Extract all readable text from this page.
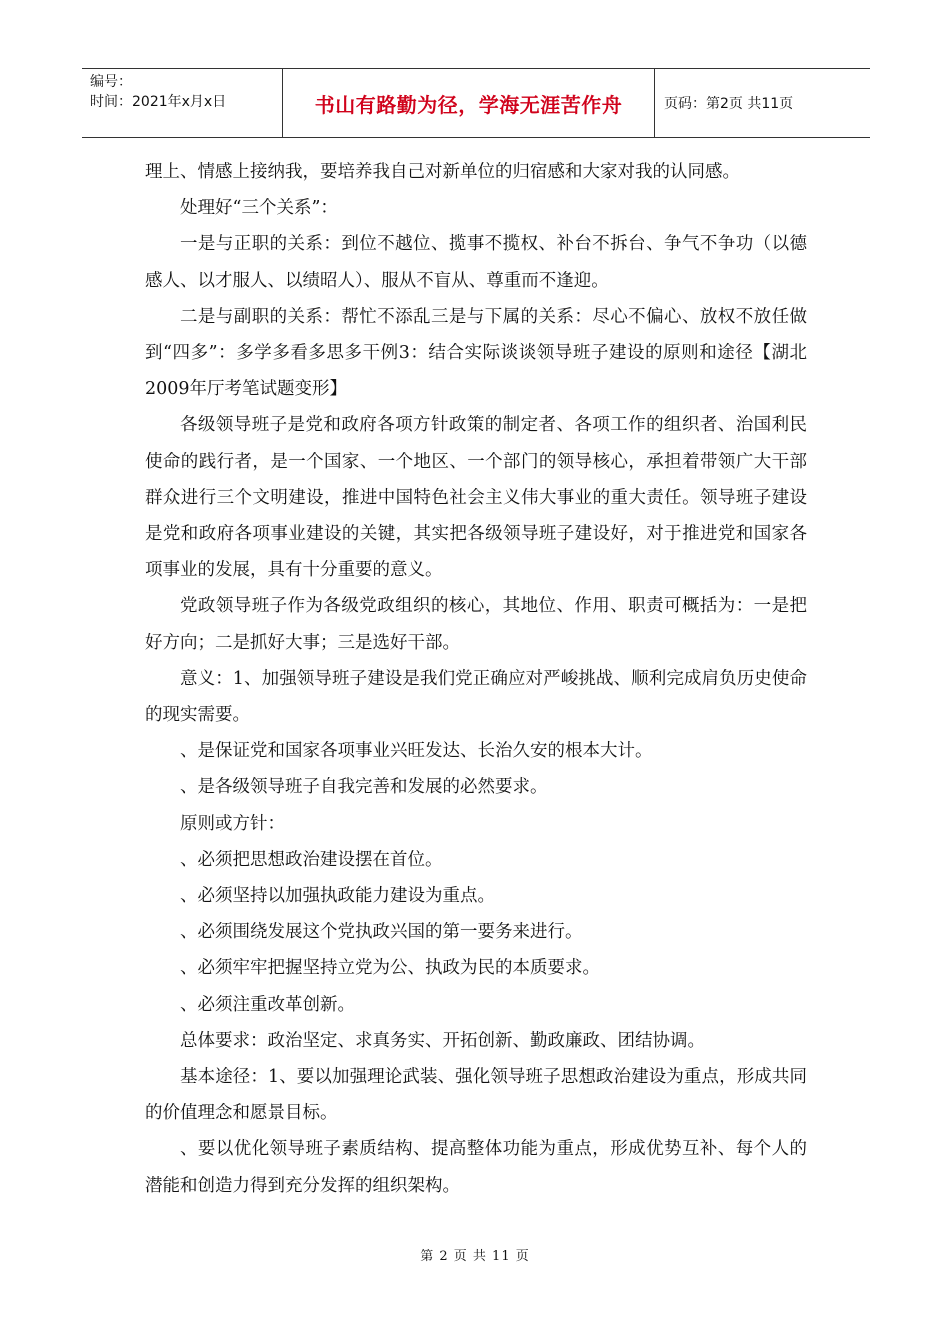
编号：
时间：2021年x月x日	书山有路勤为径，学海无涯苦作舟	页码：第2页 共11页

理上、情感上接纳我，要培养我自己对新单位的归宿感和大家对我的认同感。

处理好“三个关系”：

一是与正职的关系：到位不越位、揽事不揽权、补台不拆台、争气不争功（以德感人、以才服人、以绩昭人）、服从不盲从、尊重而不逢迎。

二是与副职的关系：帮忙不添乱三是与下属的关系：尽心不偏心、放权不放任做到“四多”：多学多看多思多干例3：结合实际谈谈领导班子建设的原则和途径【湖北2009年厅考笔试题变形】

各级领导班子是党和政府各项方针政策的制定者、各项工作的组织者、治国利民使命的践行者，是一个国家、一个地区、一个部门的领导核心，承担着带领广大干部群众进行三个文明建设，推进中国特色社会主义伟大事业的重大责任。领导班子建设是党和政府各项事业建设的关键，其实把各级领导班子建设好，对于推进党和国家各项事业的发展，具有十分重要的意义。

党政领导班子作为各级党政组织的核心，其地位、作用、职责可概括为：一是把好方向；二是抓好大事；三是选好干部。

意义：1、加强领导班子建设是我们党正确应对严峻挑战、顺利完成肩负历史使命的现实需要。

、是保证党和国家各项事业兴旺发达、长治久安的根本大计。

、是各级领导班子自我完善和发展的必然要求。

原则或方针：

、必须把思想政治建设摆在首位。

、必须坚持以加强执政能力建设为重点。

、必须围绕发展这个党执政兴国的第一要务来进行。

、必须牢牢把握坚持立党为公、执政为民的本质要求。

、必须注重改革创新。

总体要求：政治坚定、求真务实、开拓创新、勤政廉政、团结协调。

基本途径：1、要以加强理论武装、强化领导班子思想政治建设为重点，形成共同的价值理念和愿景目标。

、要以优化领导班子素质结构、提高整体功能为重点，形成优势互补、每个人的潜能和创造力得到充分发挥的组织架构。

第 2 页 共 11 页
